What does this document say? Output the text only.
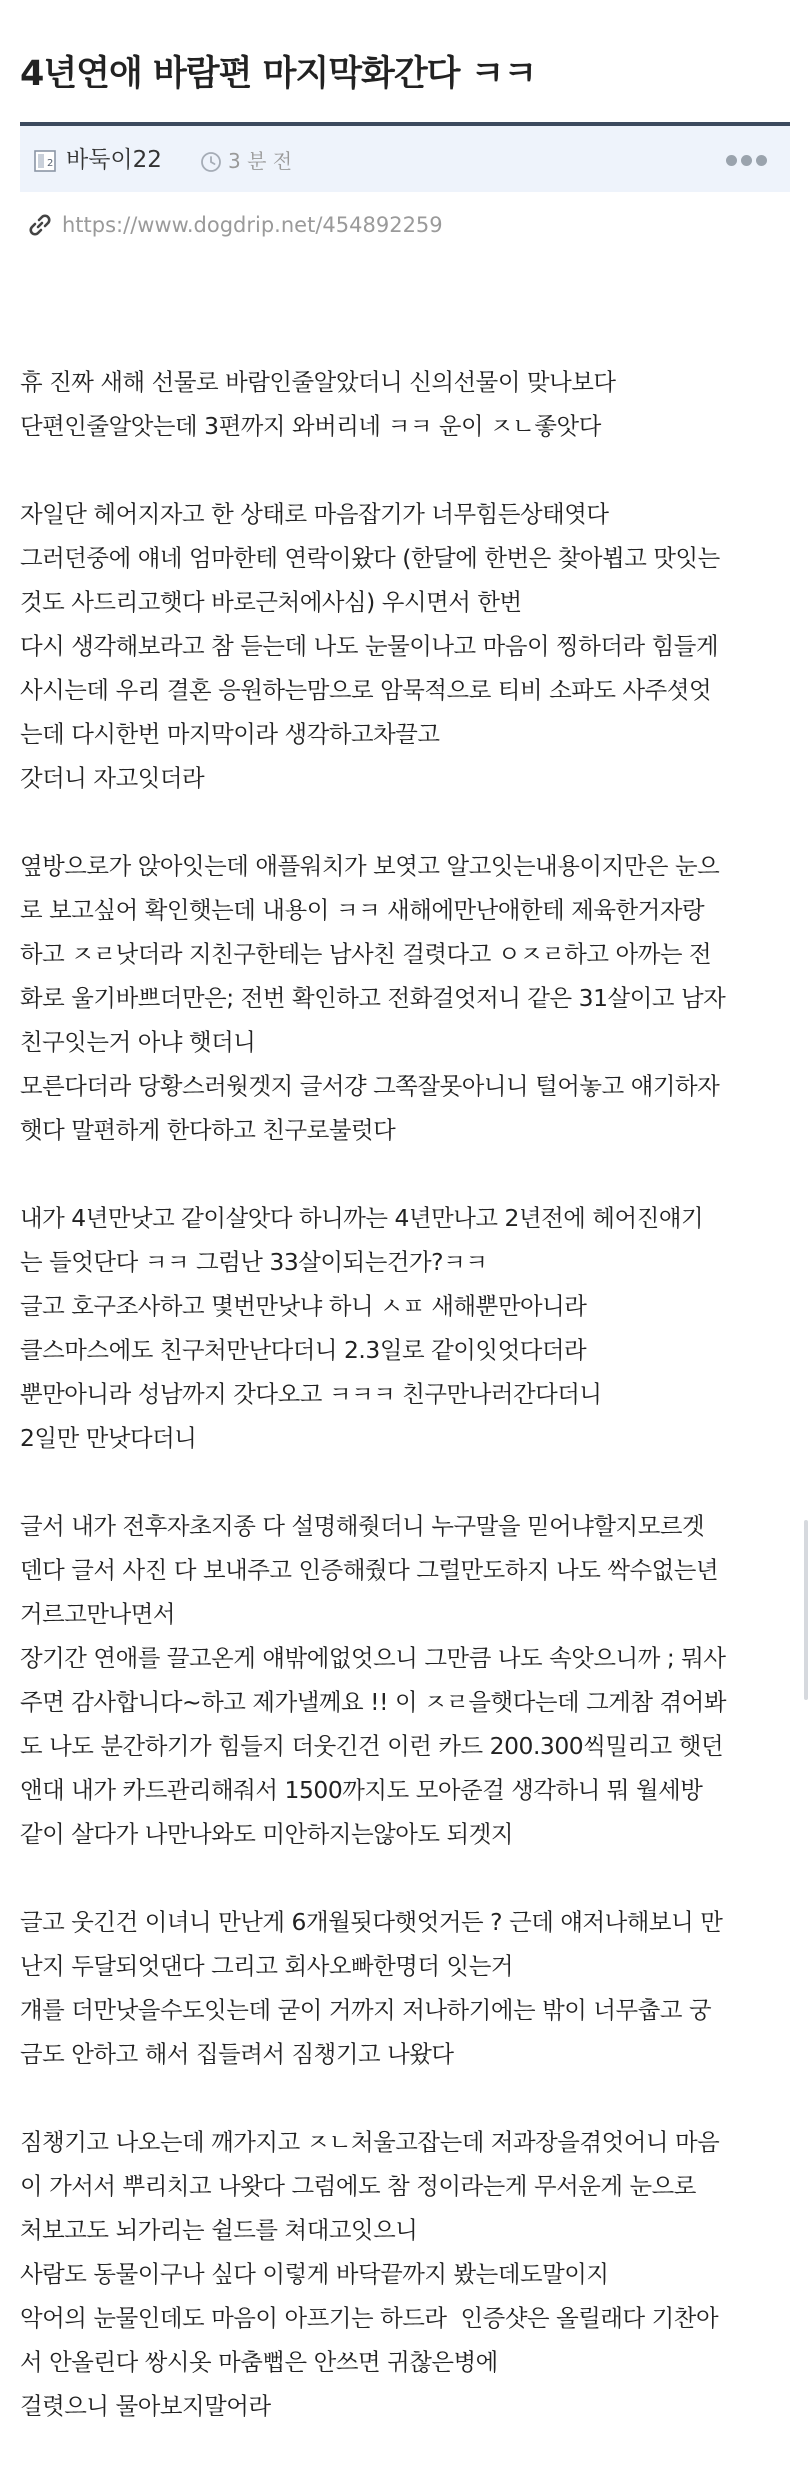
4년연애 바람편 마지막화간다 ㅋㅋ
2 바둑이22	3 분 전
https://www.dogdrip.net/454892259
휴 진짜 새해 선물로 바람인줄알았더니 신의선물이 맞나보다
단편인줄알앗는데 3편까지 와버리네 ㅋㅋ 운이 ㅈㄴ좋앗다
자일단 헤어지자고 한 상태로 마음잡기가 너무힘든상태엿다
그러던중에 얘네 엄마한테 연락이왔다 (한달에 한번은 찾아뵙고 맛잇는
것도 사드리고햇다 바로근처에사심) 우시면서 한번
다시 생각해보라고 참 듣는데 나도 눈물이나고 마음이 찡하더라 힘들게
사시는데 우리 결혼 응원하는맘으로 암묵적으로 티비 소파도 사주셧엇
는데 다시한번 마지막이라 생각하고차끌고
갓더니 자고잇더라
옆방으로가 앉아잇는데 애플워치가 보엿고 알고잇는내용이지만은 눈으
로 보고싶어 확인햇는데 내용이 ㅋㅋ 새해에만난애한테 제육한거자랑
하고 ㅈㄹ낫더라 지친구한테는 남사친 걸렷다고 ㅇㅈㄹ하고 아까는 전
화로 울기바쁘더만은; 전번 확인하고 전화걸엇저니 같은 31살이고 남자
친구잇는거 아냐 햇더니
모른다더라 당황스러웟겟지 글서걍 그쪽잘못아니니 털어놓고 얘기하자
햇다 말편하게 한다하고 친구로불럿다
내가 4년만낫고 같이살앗다 하니까는 4년만나고 2년전에 헤어진얘기
는 들엇단다 ㅋㅋ 그럼난 33살이되는건가?ㅋㅋ
글고 호구조사하고 몇번만낫냐 하니 ㅅㅍ 새해뿐만아니라
클스마스에도 친구처만난다더니 2.3일로 같이잇엇다더라
뿐만아니라 성남까지 갓다오고 ㅋㅋㅋ 친구만나러간다더니
2일만 만낫다더니
글서 내가 전후자초지종 다 설명해줫더니 누구말을 믿어냐할지모르겟
덴다 글서 사진 다 보내주고 인증해줬다 그럴만도하지 나도 싹수없는년
거르고만나면서
장기간 연애를 끌고온게 얘밖에없엇으니 그만큼 나도 속앗으니까 ; 뭐사
주면 감사합니다~하고 제가낼께요 !! 이 ㅈㄹ을햇다는데 그게참 겪어봐
도 나도 분간하기가 힘들지 더웃긴건 이런 카드 200.300씩밀리고 햇던
앤대 내가 카드관리해줘서 1500까지도 모아준걸 생각하니 뭐 월세방
같이 살다가 나만나와도 미안하지는않아도 되겟지
글고 웃긴건 이녀니 만난게 6개월됫다햇엇거든 ? 근데 얘저나해보니 만
난지 두달되엇댄다 그리고 회사오빠한명더 잇는거
걔를 더만낫을수도잇는데 굳이 거까지 저나하기에는 밖이 너무춥고 궁
금도 안하고 해서 집들려서 짐챙기고 나왔다
짐챙기고 나오는데 깨가지고 ㅈㄴ처울고잡는데 저과장을겪엇어니 마음
이 가서서 뿌리치고 나왓다 그럼에도 참 정이라는게 무서운게 눈으로
처보고도 뇌가리는 쉴드를 쳐대고잇으니
사람도 동물이구나 싶다 이렇게 바닥끝까지 봤는데도말이지
악어의 눈물인데도 마음이 아프기는 하드라  인증샷은 올릴래다 기찬아
서 안올린다 쌍시옷 마춤뻡은 안쓰면 귀찮은병에
걸렷으니 물아보지말어라
